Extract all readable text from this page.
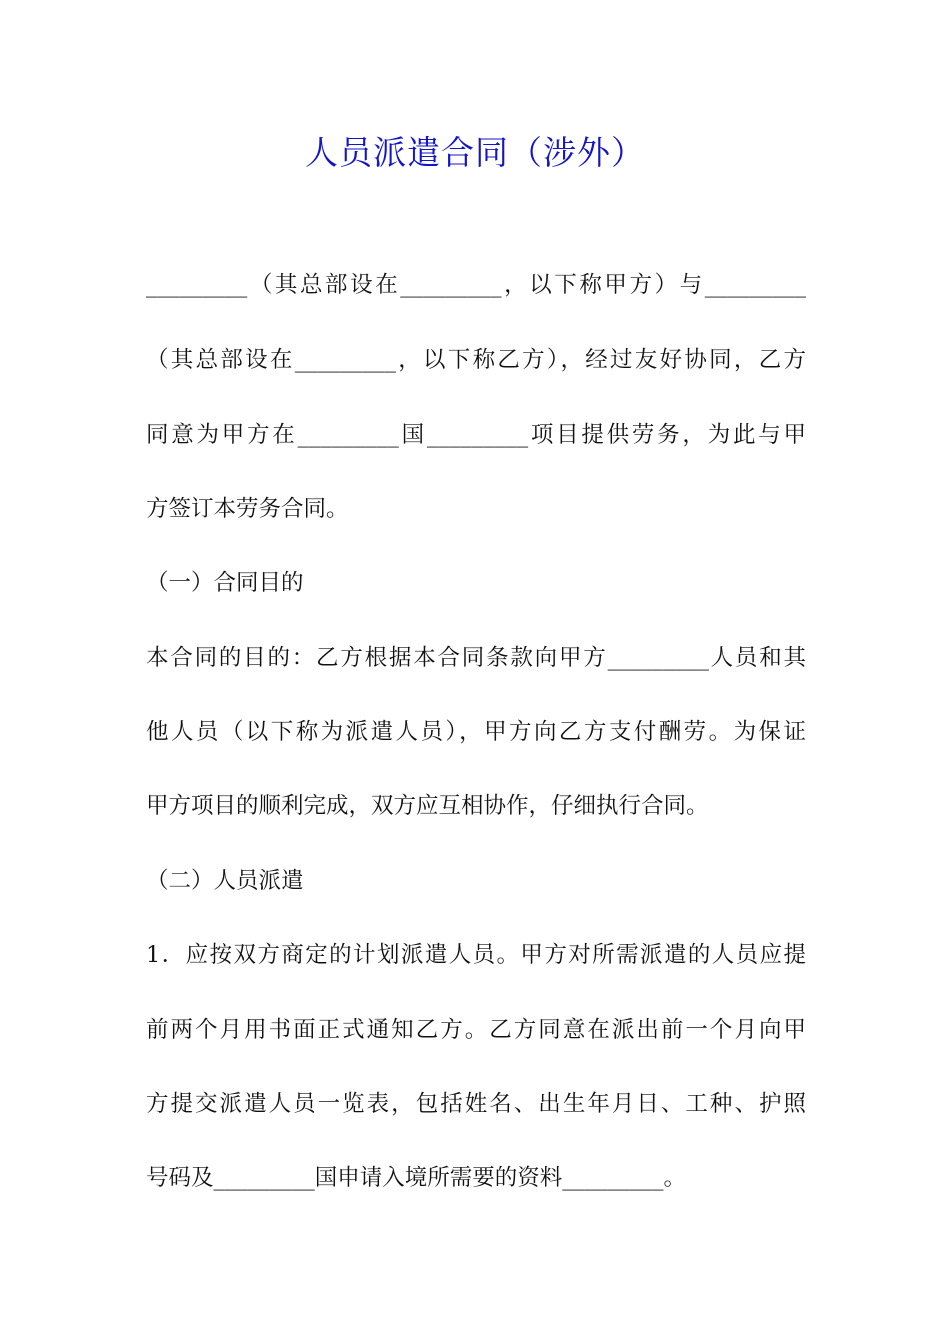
人员派遣合同（涉外）
_________（其总部设在_________，以下称甲方）与_________
（其总部设在_________，以下称乙方），经过友好协同，乙方
同意为甲方在_________国_________项目提供劳务，为此与甲
方签订本劳务合同。
（一）合同目的
本合同的目的：乙方根据本合同条款向甲方_________人员和其
他人员（以下称为派遣人员），甲方向乙方支付酬劳。为保证
甲方项目的顺利完成，双方应互相协作，仔细执行合同。
（二）人员派遣
1．应按双方商定的计划派遣人员。甲方对所需派遣的人员应提
前两个月用书面正式通知乙方。乙方同意在派出前一个月向甲
方提交派遣人员一览表，包括姓名、出生年月日、工种、护照
号码及_________国申请入境所需要的资料_________。
